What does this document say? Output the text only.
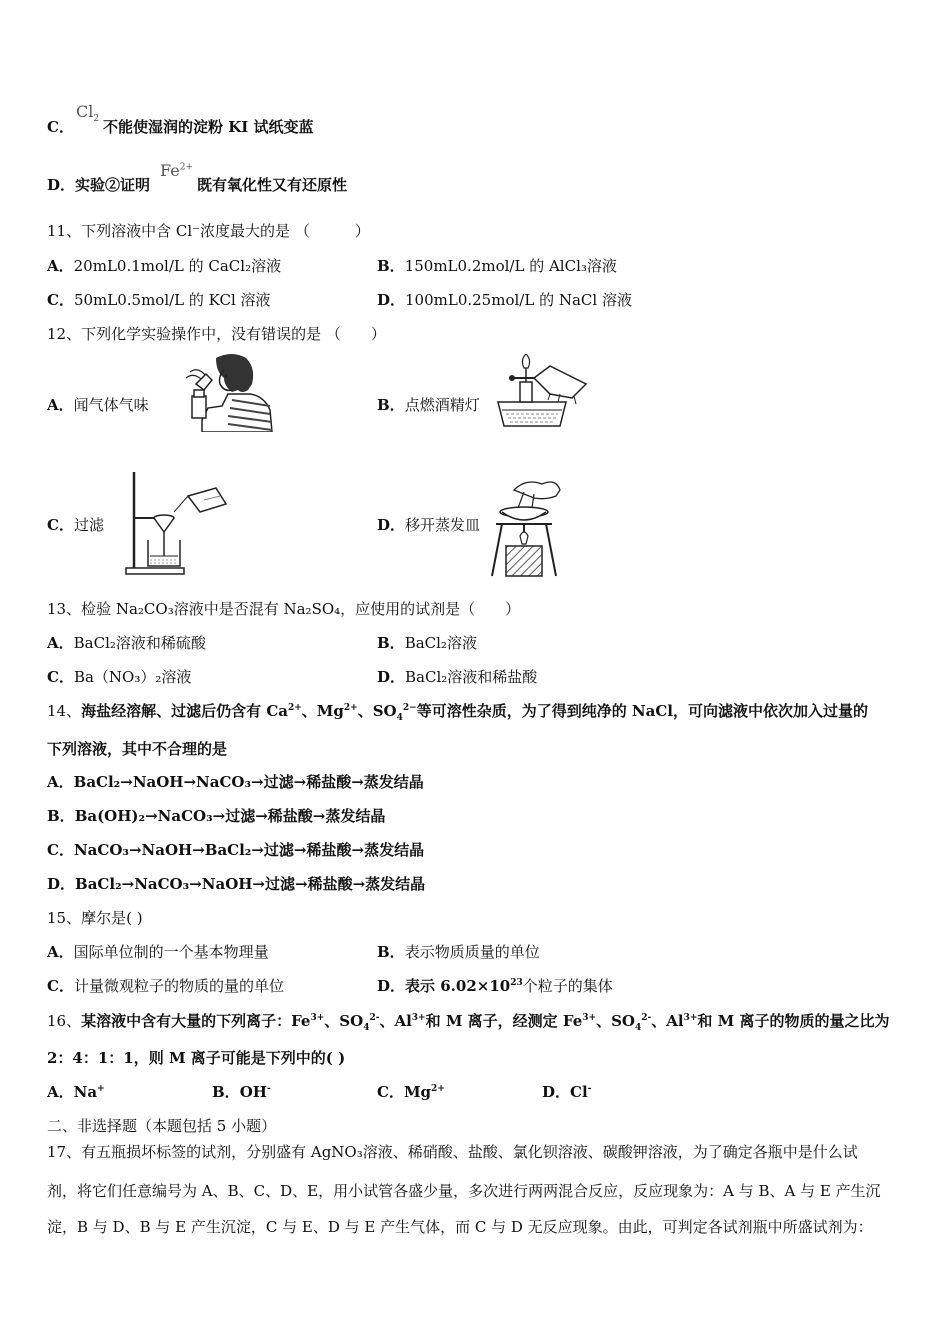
C．
$Cl_2$ 不能使湿润的淀粉 KI 试纸变蓝
D．实验②证明
$Fe^{2+}$
既有氧化性又有还原性
11、下列溶液中含 Cl⁻浓度最大的是 （　　　）
A．20mL0.1mol/L 的 CaCl₂溶液	B．150mL0.2mol/L 的 AlCl₃溶液
C．50mL0.5mol/L 的 KCl 溶液	D．100mL0.25mol/L 的 NaCl 溶液
12、下列化学实验操作中，没有错误的是 （　　）
A．闻气体气味	B．点燃酒精灯
C．过滤	D．移开蒸发皿
13、检验 Na₂CO₃溶液中是否混有 Na₂SO₄，应使用的试剂是（　　）
A．BaCl₂溶液和稀硫酸	B．BaCl₂溶液
C．Ba（NO₃）₂溶液	D．BaCl₂溶液和稀盐酸
14、海盐经溶解、过滤后仍含有 $Ca^{2+}$、$Mg^{2+}$、$SO_4^{2-}$等可溶性杂质，为了得到纯净的 NaCl，可向滤液中依次加入过量的
下列溶液，其中不合理的是
A．BaCl₂→NaOH→NaCO₃→过滤→稀盐酸→蒸发结晶
B．Ba(OH)₂→NaCO₃→过滤→稀盐酸→蒸发结晶
C．NaCO₃→NaOH→BaCl₂→过滤→稀盐酸→蒸发结晶
D．BaCl₂→NaCO₃→NaOH→过滤→稀盐酸→蒸发结晶
15、摩尔是( )
A．国际单位制的一个基本物理量	B．表示物质质量的单位
C．计量微观粒子的物质的量的单位	D．表示 $6.02\times 10^{23}$个粒子的集体
16、某溶液中含有大量的下列离子：$Fe^{3+}$、$SO_4^{2-}$、$Al^{3+}$和 M 离子，经测定 $Fe^{3+}$、$SO_4^{2-}$、$Al^{3+}$和 M 离子的物质的量之比为
2：4：1：1，则 M 离子可能是下列中的( )
A．Na+	B．OH-	C．$Mg^{2+}$	D．Cl-
二、非选择题（本题包括 5 小题）
17、有五瓶损坏标签的试剂，分别盛有 AgNO₃溶液、稀硝酸、盐酸、氯化钡溶液、碳酸钾溶液，为了确定各瓶中是什么试
剂，将它们任意编号为 A、B、C、D、E，用小试管各盛少量，多次进行两两混合反应，反应现象为：A 与 B、A 与 E 产生沉
淀，B 与 D、B 与 E 产生沉淀，C 与 E、D 与 E 产生气体，而 C 与 D 无反应现象。由此，可判定各试剂瓶中所盛试剂为：
